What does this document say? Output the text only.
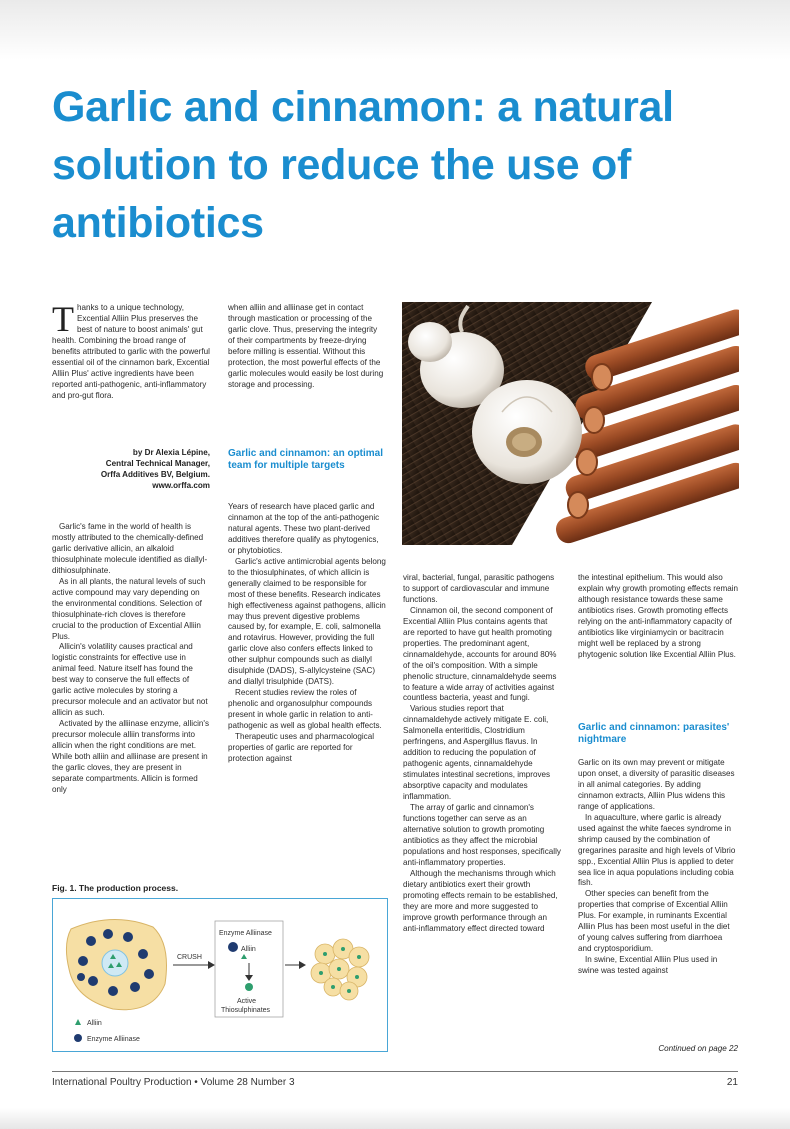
Garlic and cinnamon: a natural solution to reduce the use of antibiotics
Thanks to a unique technology, Excential Alliin Plus preserves the best of nature to boost animals' gut health. Combining the broad range of benefits attributed to garlic with the powerful essential oil of the cinnamon bark, Excential Alliin Plus' active ingredients have been reported anti-pathogenic, anti-inflammatory and pro-gut flora.
by Dr Alexia Lépine,
Central Technical Manager,
Orffa Additives BV, Belgium.
www.orffa.com

Garlic's fame in the world of health is mostly attributed to the chemically-defined garlic derivative allicin, an alkaloid thiosulphinate molecule identified as diallyl-dithiosulphinate.

As in all plants, the natural levels of such active compound may vary depending on the environmental conditions. Selection of thiosulphinate-rich cloves is therefore crucial to the production of Excential Alliin Plus.

Allicin's volatility causes practical and logistic constraints for effective use in animal feed. Nature itself has found the best way to conserve the full effects of garlic active molecules by storing a precursor molecule and an activator but not allicin as such.

Activated by the alliinase enzyme, allicin's precursor molecule alliin transforms into allicin when the right conditions are met. While both alliin and alliinase are present in the garlic cloves, they are present in separate compartments. Allicin is formed only

when alliin and alliinase get in contact through mastication or processing of the garlic clove. Thus, preserving the integrity of their compartments by freeze-drying before milling is essential. Without this protection, the most powerful effects of the garlic molecules would easily be lost during storage and processing.

Garlic and cinnamon: an optimal team for multiple targets

Years of research have placed garlic and cinnamon at the top of the anti-pathogenic natural agents. These two plant-derived additives therefore qualify as phytogenics, or phytobiotics.

Garlic's active antimicrobial agents belong to the thiosulphinates, of which allicin is generally claimed to be responsible for most of these benefits. Research indicates high effectiveness against pathogens, allicin may thus prevent digestive problems caused by, for example, E. coli, salmonella and rotavirus. However, providing the full garlic clove also confers effects linked to other sulphur compounds such as diallyl disulphide (DADS), S-allylcysteine (SAC) and diallyl trisulphide (DATS).

Recent studies review the roles of phenolic and organosulphur compounds present in whole garlic in relation to anti-pathogenic as well as global health effects.

Therapeutic uses and pharmacological properties of garlic are reported for protection against

viral, bacterial, fungal, parasitic pathogens to support of cardiovascular and immune functions.

Cinnamon oil, the second component of Excential Alliin Plus contains agents that are reported to have gut health promoting properties. The predominant agent, cinnamaldehyde, accounts for around 80% of the oil's composition. With a simple phenolic structure, cinnamaldehyde seems to feature a wide array of activities against countless bacteria, yeast and fungi.

Various studies report that cinnamaldehyde actively mitigate E. coli, Salmonella enteritidis, Clostridium perfringens, and Aspergillus flavus. In addition to reducing the population of pathogenic agents, cinnamaldehyde stimulates intestinal secretions, improves absorptive capacity and modulates inflammation.

The array of garlic and cinnamon's functions together can serve as an alternative solution to growth promoting antibiotics as they affect the microbial populations and host responses, specifically anti-inflammatory properties.

Although the mechanisms through which dietary antibiotics exert their growth promoting effects remain to be established, they are more and more suggested to improve growth performance through an anti-inflammatory effect directed toward

the intestinal epithelium. This would also explain why growth promoting effects remain although resistance towards these same antibiotics rises. Growth promoting effects relying on the anti-inflammatory capacity of antibiotics like virginiamycin or bacitracin might well be replaced by a strong phytogenic solution like Excential Alliin Plus.

Garlic and cinnamon: parasites' nightmare

Garlic on its own may prevent or mitigate upon onset, a diversity of parasitic diseases in all animal categories. By adding cinnamon extracts, Alliin Plus widens this range of applications.

In aquaculture, where garlic is already used against the white faeces syndrome in shrimp caused by the combination of gregarines parasite and high levels of Vibrio spp., Excential Alliin Plus is applied to deter sea lice in aqua populations including cobia fish.

Other species can benefit from the properties that comprise of Excential Alliin Plus. For example, in ruminants Excential Alliin Plus has been most useful in the diet of young calves suffering from diarrhoea and cryptosporidium.

In swine, Excential Alliin Plus used in swine was tested against

Continued on page 22
Fig. 1. The production process.
CRUSH
Enzyme Alliinase
Alliin
Active
Thiosulphinates
Alliin
Enzyme Alliinase
International Poultry Production • Volume 28 Number 3	21
